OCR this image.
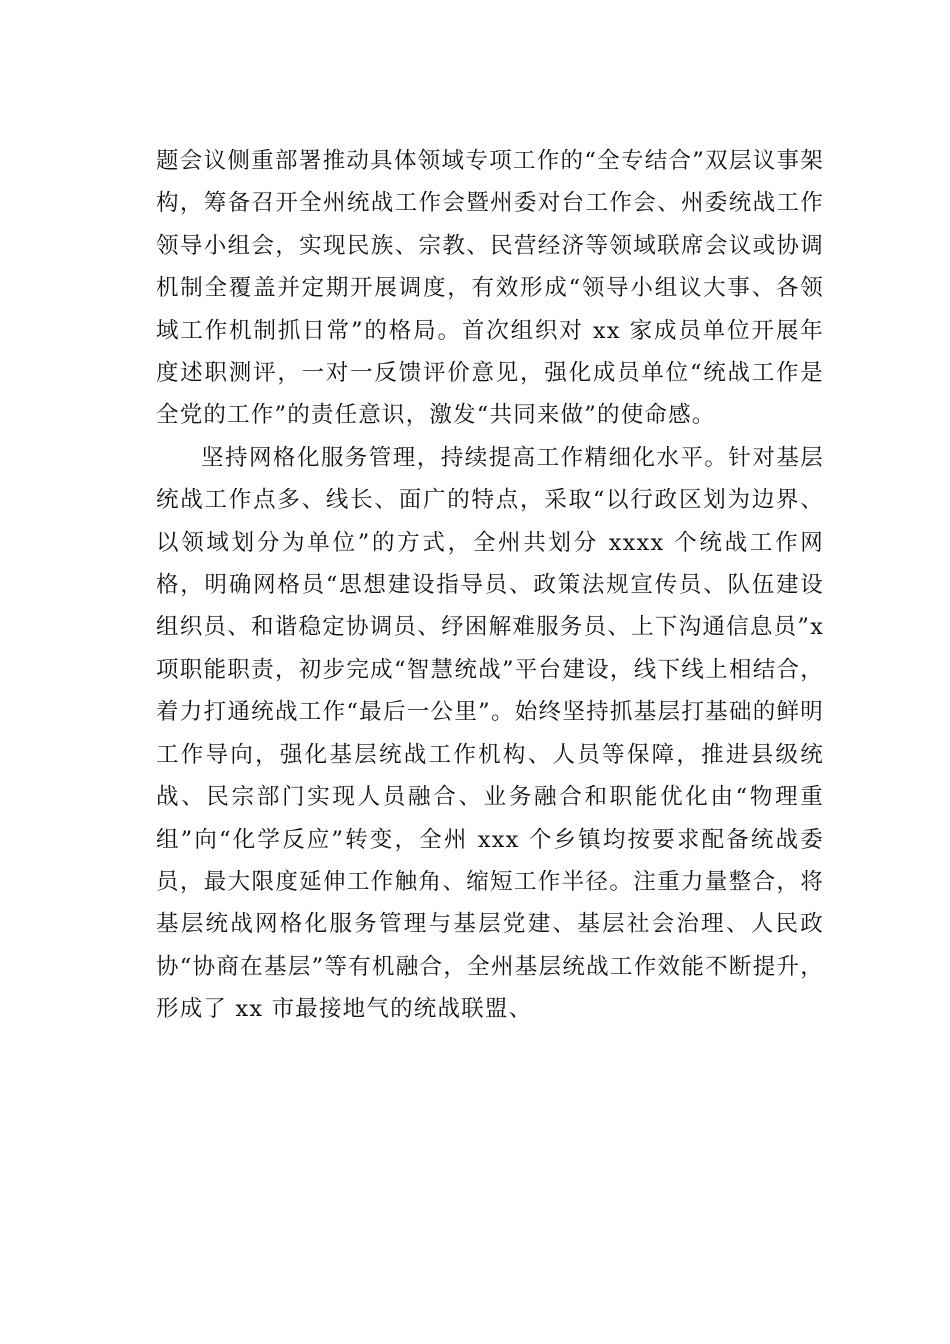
题会议侧重部署推动具体领域专项工作的“全专结合”双层议事架构，筹备召开全州统战工作会暨州委对台工作会、州委统战工作领导小组会，实现民族、宗教、民营经济等领域联席会议或协调机制全覆盖并定期开展调度，有效形成“领导小组议大事、各领域工作机制抓日常”的格局。首次组织对 xx 家成员单位开展年度述职测评，一对一反馈评价意见，强化成员单位“统战工作是全党的工作”的责任意识，激发“共同来做”的使命感。

坚持网格化服务管理，持续提高工作精细化水平。针对基层统战工作点多、线长、面广的特点，采取“以行政区划为边界、以领域划分为单位”的方式，全州共划分 xxxx 个统战工作网格，明确网格员“思想建设指导员、政策法规宣传员、队伍建设组织员、和谐稳定协调员、纾困解难服务员、上下沟通信息员”x 项职能职责，初步完成“智慧统战”平台建设，线下线上相结合，着力打通统战工作“最后一公里”。始终坚持抓基层打基础的鲜明工作导向，强化基层统战工作机构、人员等保障，推进县级统战、民宗部门实现人员融合、业务融合和职能优化由“物理重组”向“化学反应”转变，全州 xxx 个乡镇均按要求配备统战委员，最大限度延伸工作触角、缩短工作半径。注重力量整合，将基层统战网格化服务管理与基层党建、基层社会治理、人民政协“协商在基层”等有机融合，全州基层统战工作效能不断提升，形成了 xx 市最接地气的统战联盟、
